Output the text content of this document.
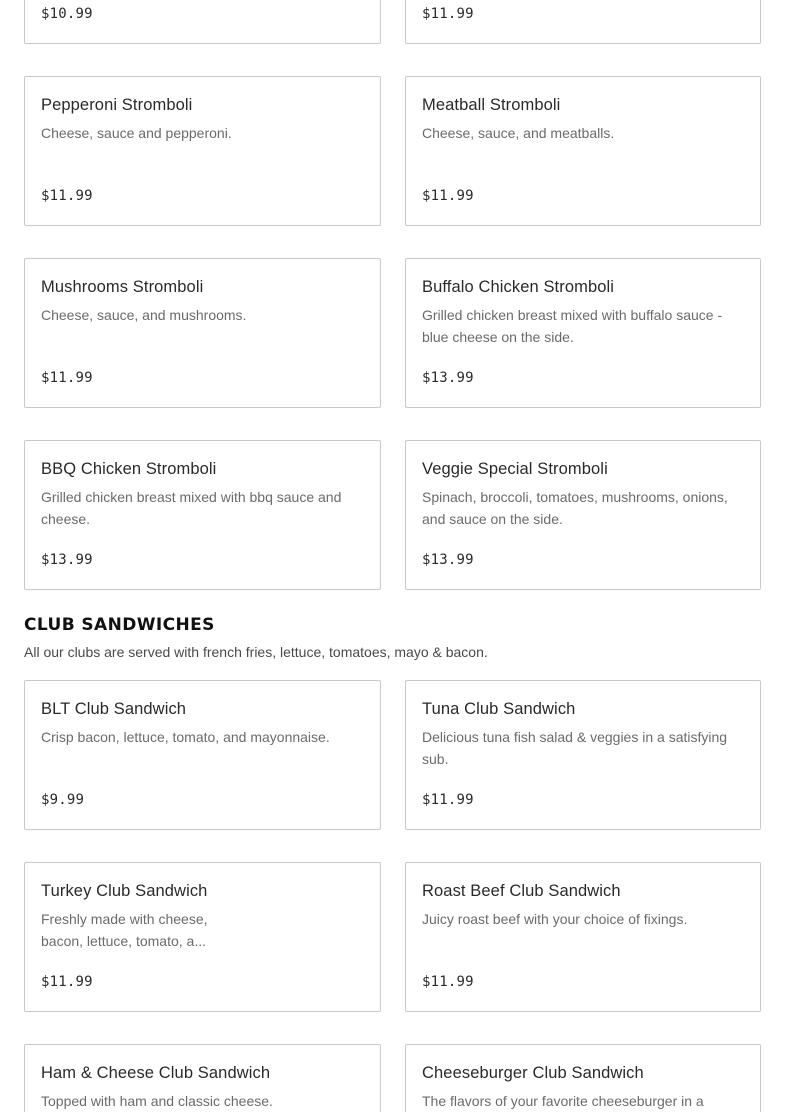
$10.99	$11.99
Pepperoni Stromboli
Cheese, sauce and pepperoni.
$11.99
Meatball Stromboli
Cheese, sauce, and meatballs.
$11.99
Mushrooms Stromboli
Cheese, sauce, and mushrooms.
$11.99
Buffalo Chicken Stromboli
Grilled chicken breast mixed with buffalo sauce - blue cheese on the side.
$13.99
BBQ Chicken Stromboli
Grilled chicken breast mixed with bbq sauce and cheese.
$13.99
Veggie Special Stromboli
Spinach, broccoli, tomatoes, mushrooms, onions, and sauce on the side.
$13.99
CLUB SANDWICHES

All our clubs are served with french fries, lettuce, tomatoes, mayo & bacon.

BLT Club Sandwich
Crisp bacon, lettuce, tomato, and mayonnaise.
$9.99
Tuna Club Sandwich
Delicious tuna fish salad & veggies in a satisfying sub.
$11.99
Turkey Club Sandwich
Freshly made with cheese, bacon, lettuce, tomato, a...
$11.99
Roast Beef Club Sandwich
Juicy roast beef with your choice of fixings.
$11.99
Ham & Cheese Club Sandwich
Topped with ham and classic cheese.
Cheeseburger Club Sandwich
The flavors of your favorite cheeseburger in a
